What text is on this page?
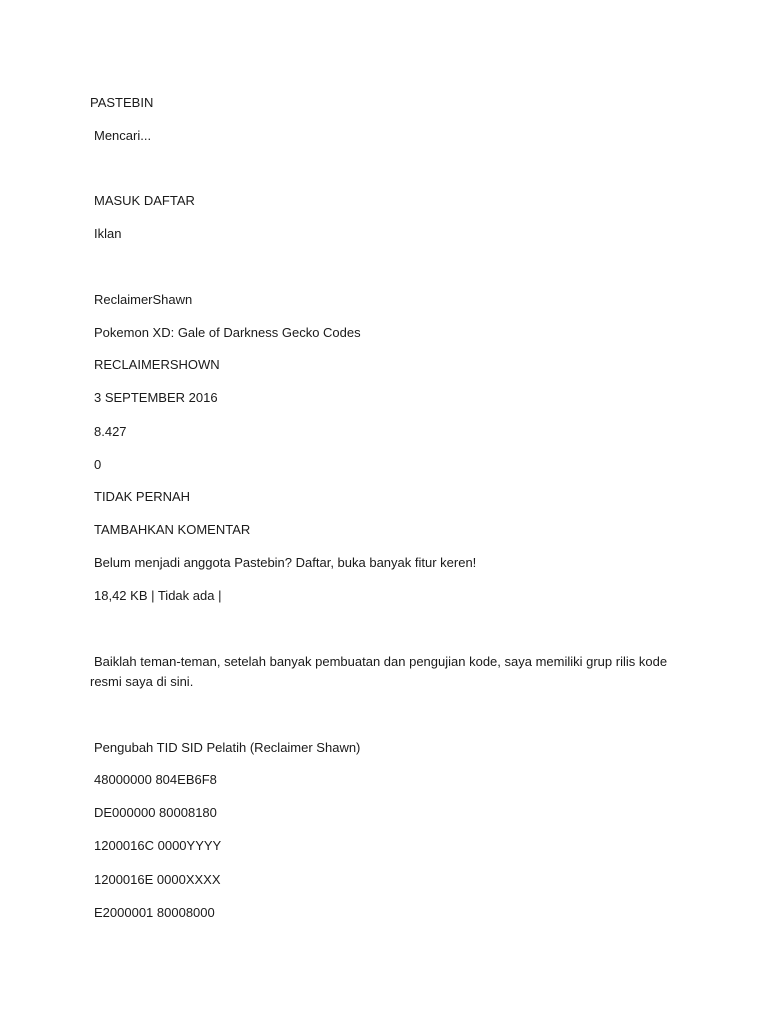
PASTEBIN
Mencari...
MASUK DAFTAR
Iklan
ReclaimerShawn
Pokemon XD: Gale of Darkness Gecko Codes
RECLAIMERSHOWN
3 SEPTEMBER 2016
8.427
0
TIDAK PERNAH
TAMBAHKAN KOMENTAR
Belum menjadi anggota Pastebin? Daftar, buka banyak fitur keren!
18,42 KB | Tidak ada |
Baiklah teman-teman, setelah banyak pembuatan dan pengujian kode, saya memiliki grup rilis kode
resmi saya di sini.
Pengubah TID SID Pelatih (Reclaimer Shawn)
48000000 804EB6F8
DE000000 80008180
1200016C 0000YYYY
1200016E 0000XXXX
E2000001 80008000
